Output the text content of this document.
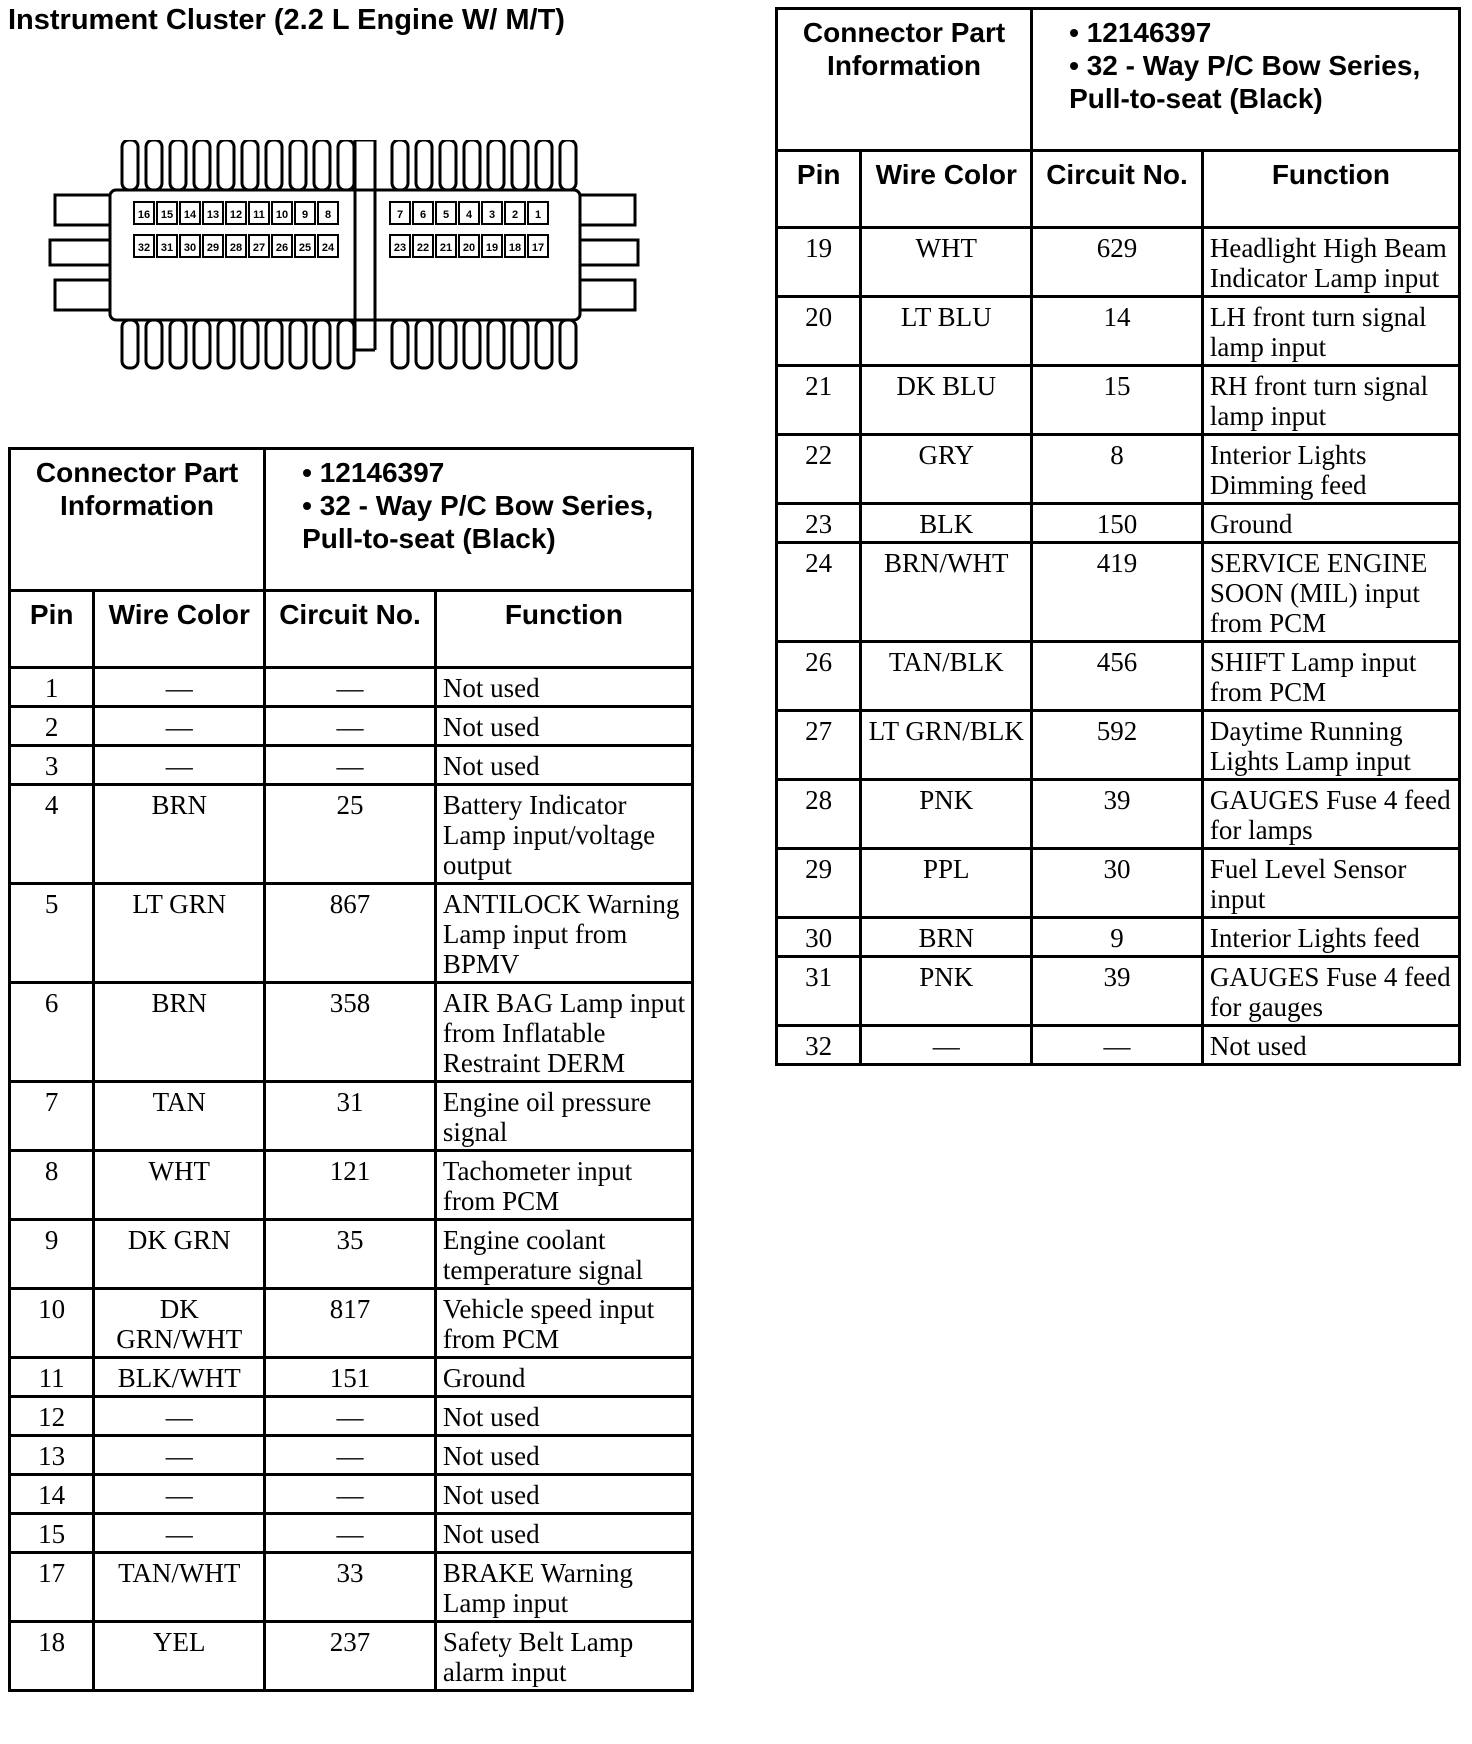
Instrument Cluster (2.2 L Engine W/ M/T)
16 15 14 13 12 11 10 9 8	7 6 5 4 3 2 1
32 31 30 29 28 27 26 25 24	23 22 21 20 19 18 17
Connector Part Information		• 12146397
• 32 - Way P/C Bow Series, Pull-to-seat (Black)	

Pin	Wire Color	Circuit No.	Function
1	—	—	Not used
2	—	—	Not used
3	—	—	Not used
4	BRN	25	Battery Indicator Lamp input/voltage output
5	LT GRN	867	ANTILOCK Warning Lamp input from BPMV
6	BRN	358	AIR BAG Lamp input from Inflatable Restraint DERM
7	TAN	31	Engine oil pressure signal
8	WHT	121	Tachometer input from PCM
9	DK GRN	35	Engine coolant temperature signal
10	DK GRN/WHT	817	Vehicle speed input from PCM
11	BLK/WHT	151	Ground
12	—	—	Not used
13	—	—	Not used
14	—	—	Not used
15	—	—	Not used
17	TAN/WHT	33	BRAKE Warning Lamp input
18	YEL	237	Safety Belt Lamp alarm input
Connector Part Information		• 12146397
• 32 - Way P/C Bow Series, Pull-to-seat (Black)	

Pin	Wire Color	Circuit No.	Function
19	WHT	629	Headlight High Beam Indicator Lamp input
20	LT BLU	14	LH front turn signal lamp input
21	DK BLU	15	RH front turn signal lamp input
22	GRY	8	Interior Lights Dimming feed
23	BLK	150	Ground
24	BRN/WHT	419	SERVICE ENGINE SOON (MIL) input from PCM
26	TAN/BLK	456	SHIFT Lamp input from PCM
27	LT GRN/BLK	592	Daytime Running Lights Lamp input
28	PNK	39	GAUGES Fuse 4 feed for lamps
29	PPL	30	Fuel Level Sensor input
30	BRN	9	Interior Lights feed
31	PNK	39	GAUGES Fuse 4 feed for gauges
32	—	—	Not used
